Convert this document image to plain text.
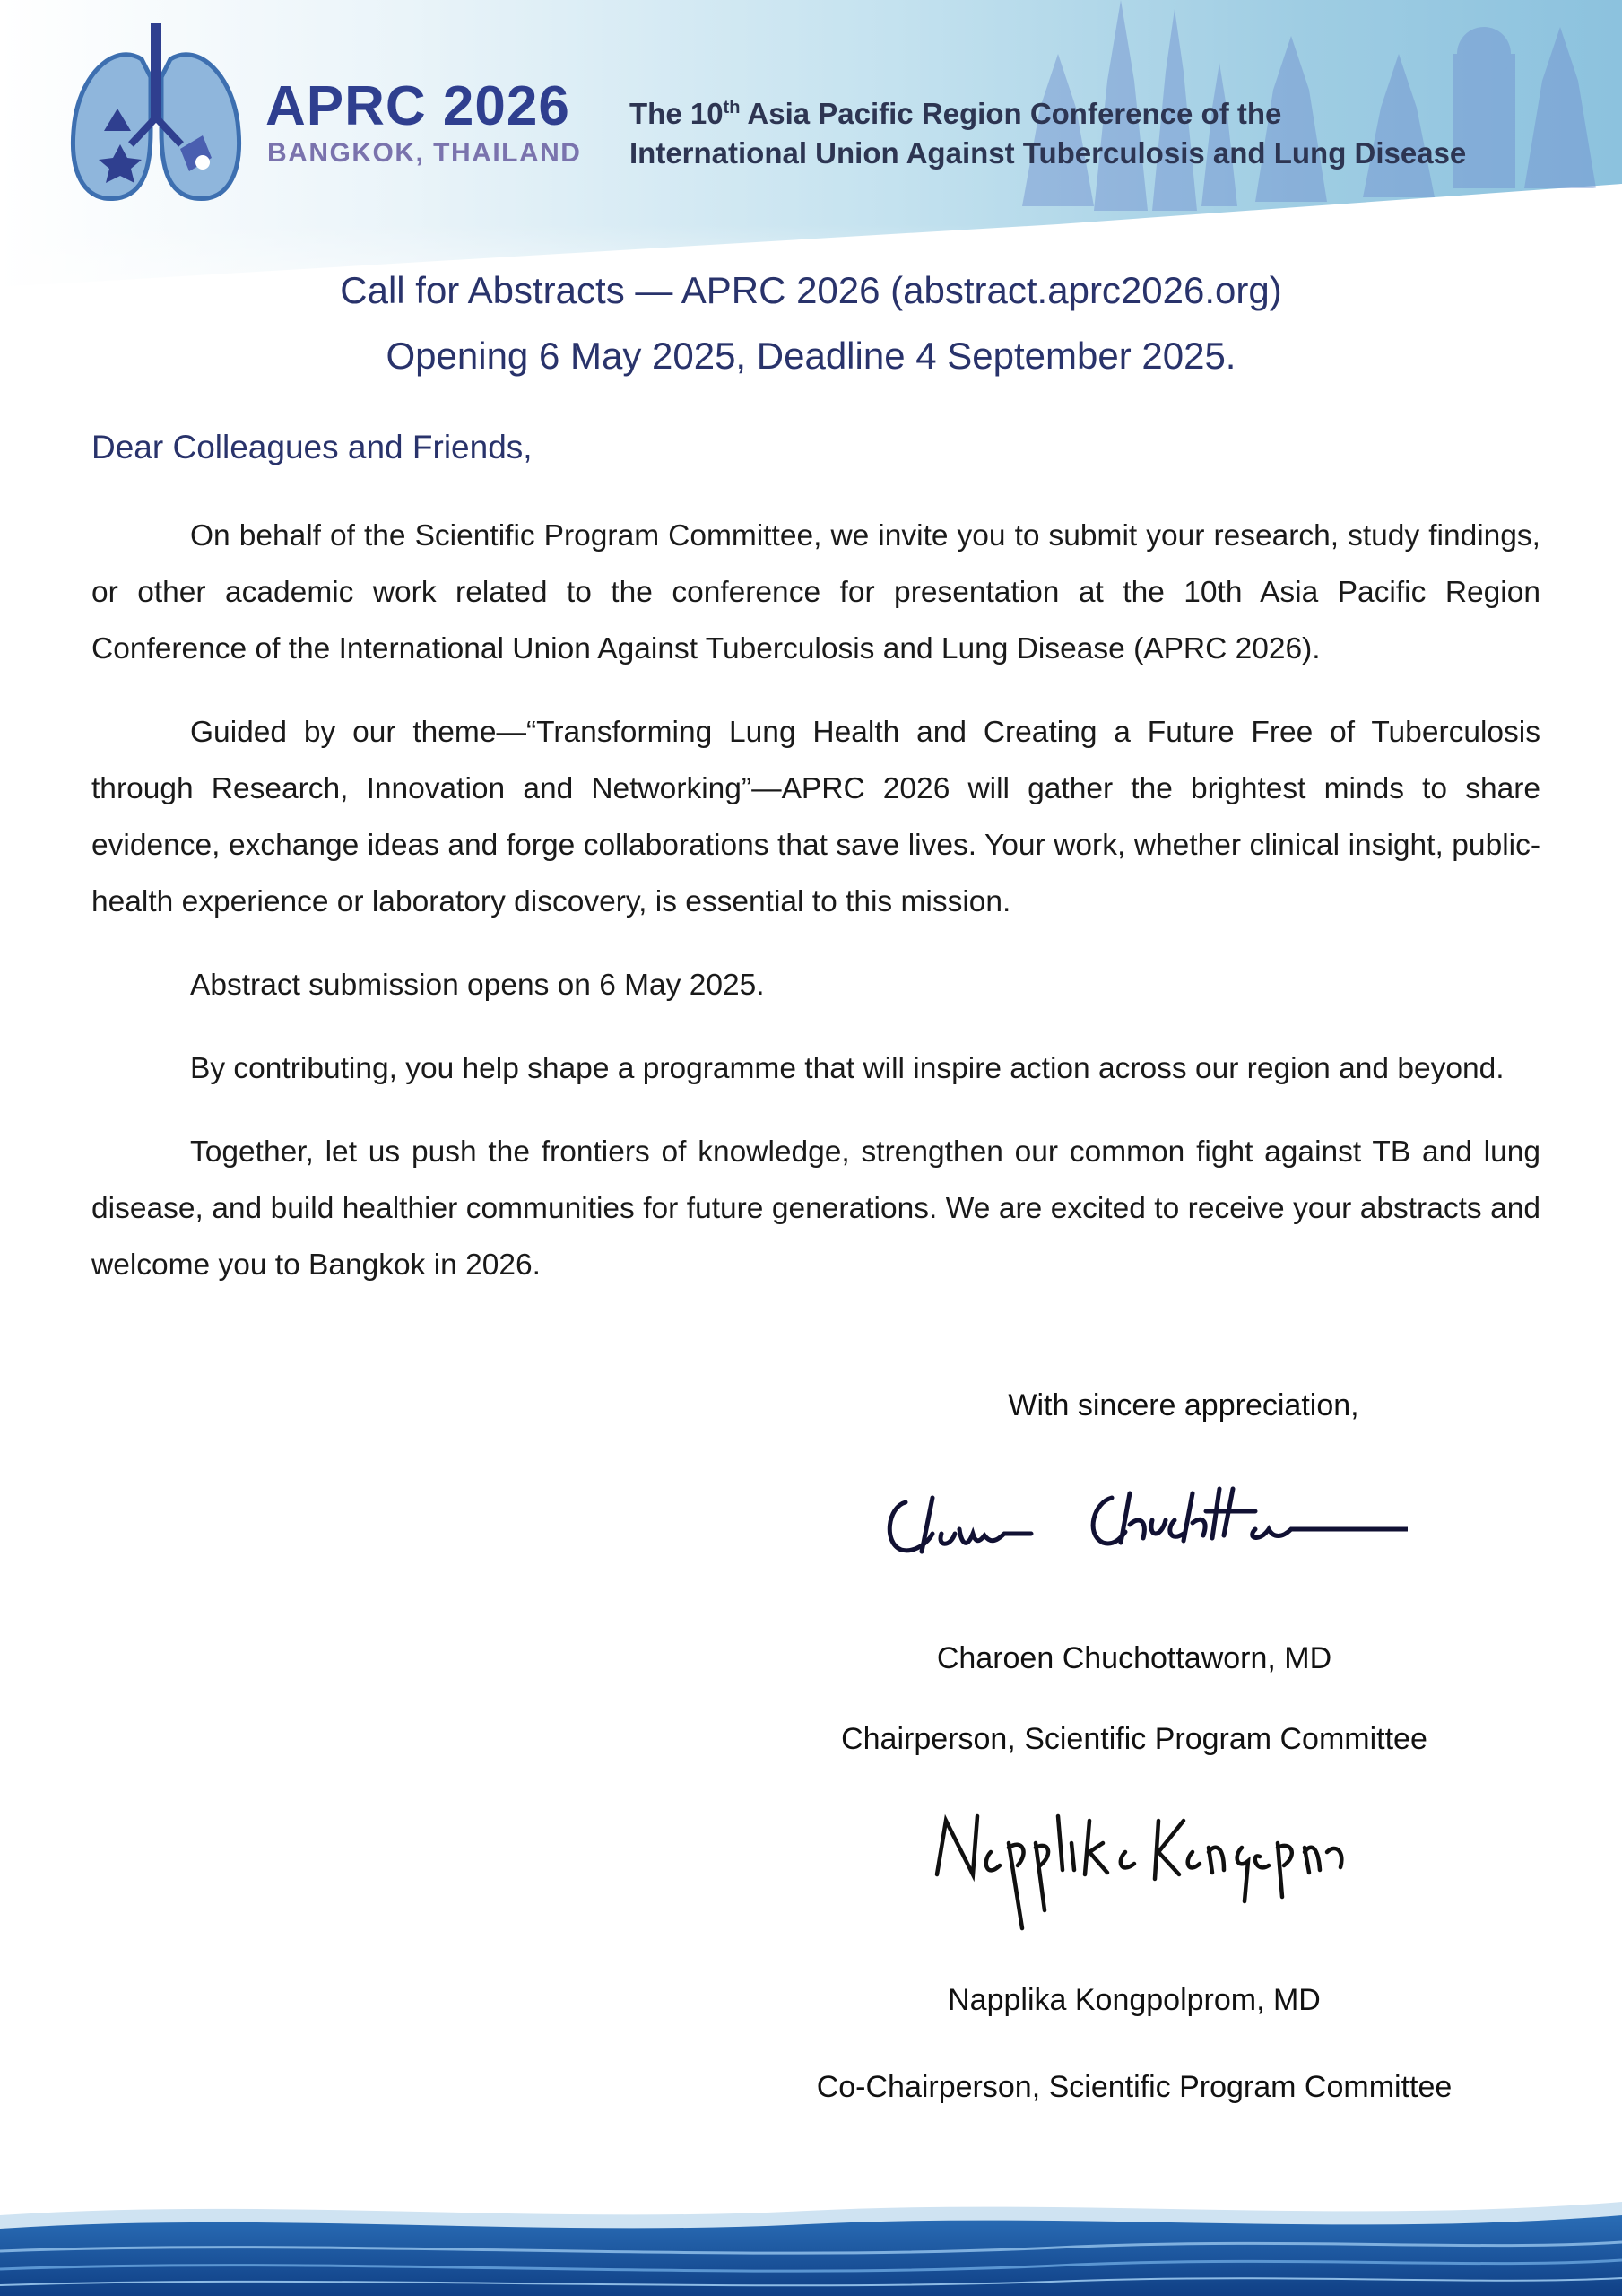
APRC 2026
BANGKOK, THAILAND
The 10th Asia Pacific Region Conference of the
International Union Against Tuberculosis and Lung Disease
Call for Abstracts — APRC 2026 (abstract.aprc2026.org)
Opening 6 May 2025, Deadline 4 September 2025.
Dear Colleagues and Friends,

On behalf of the Scientific Program Committee, we invite you to submit your research, study findings, or other academic work related to the conference for presentation at the 10th Asia Pacific Region Conference of the International Union Against Tuberculosis and Lung Disease (APRC 2026).

Guided by our theme—“Transforming Lung Health and Creating a Future Free of Tuberculosis through Research, Innovation and Networking”—APRC 2026 will gather the brightest minds to share evidence, exchange ideas and forge collaborations that save lives. Your work, whether clinical insight, public-health experience or laboratory discovery, is essential to this mission.

Abstract submission opens on 6 May 2025.

By contributing, you help shape a programme that will inspire action across our region and beyond.

Together, let us push the frontiers of knowledge, strengthen our common fight against TB and lung disease, and build healthier communities for future generations. We are excited to receive your abstracts and welcome you to Bangkok in 2026.

With sincere appreciation,
Charoen Chuchottaworn, MD
Chairperson, Scientific Program Committee
Napplika Kongpolprom, MD
Co-Chairperson, Scientific Program Committee
